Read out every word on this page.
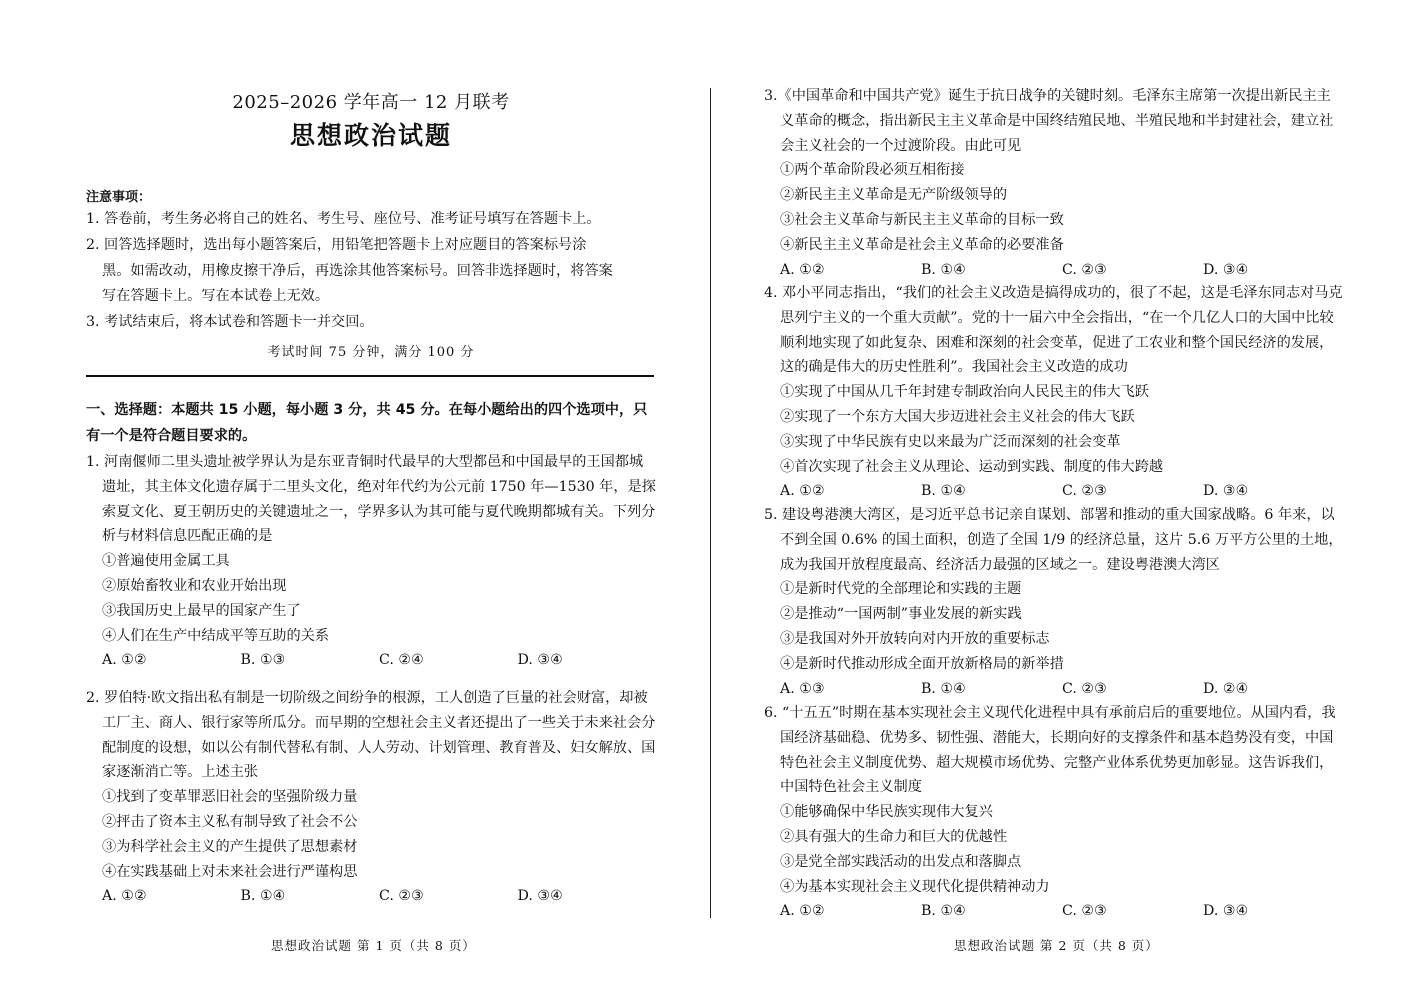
2025–2026 学年高一 12 月联考
思想政治试题
注意事项：

1. 答卷前，考生务必将自己的姓名、考生号、座位号、准考证号填写在答题卡上。

2. 回答选择题时，选出每小题答案后，用铅笔把答题卡上对应题目的答案标号涂

黑。如需改动，用橡皮擦干净后，再选涂其他答案标号。回答非选择题时，将答案

写在答题卡上。写在本试卷上无效。

3. 考试结束后，将本试卷和答题卡一并交回。

考试时间 75 分钟，满分 100 分
一、选择题：本题共 15 小题，每小题 3 分，共 45 分。在每小题给出的四个选项中，只有一个是符合题目要求的。

1. 河南偃师二里头遗址被学界认为是东亚青铜时代最早的大型都邑和中国最早的王国都城遗址，其主体文化遗存属于二里头文化，绝对年代约为公元前 1750 年—1530 年，是探索夏文化、夏王朝历史的关键遗址之一，学界多认为其可能与夏代晚期都城有关。下列分析与材料信息匹配正确的是

①普遍使用金属工具

②原始畜牧业和农业开始出现

③我国历史上最早的国家产生了

④人们在生产中结成平等互助的关系

A. ①②	B. ①③	C. ②④	D. ③④

2. 罗伯特·欧文指出私有制是一切阶级之间纷争的根源，工人创造了巨量的社会财富，却被工厂主、商人、银行家等所瓜分。而早期的空想社会主义者还提出了一些关于未来社会分配制度的设想，如以公有制代替私有制、人人劳动、计划管理、教育普及、妇女解放、国家逐渐消亡等。上述主张

①找到了变革罪恶旧社会的坚强阶级力量

②抨击了资本主义私有制导致了社会不公

③为科学社会主义的产生提供了思想素材

④在实践基础上对未来社会进行严谨构思

A. ①②	B. ①④	C. ②③	D. ③④
思想政治试题 第 1 页（共 8 页）

3.《中国革命和中国共产党》诞生于抗日战争的关键时刻。毛泽东主席第一次提出新民主主义革命的概念，指出新民主主义革命是中国终结殖民地、半殖民地和半封建社会，建立社会主义社会的一个过渡阶段。由此可见

①两个革命阶段必须互相衔接

②新民主主义革命是无产阶级领导的

③社会主义革命与新民主主义革命的目标一致

④新民主主义革命是社会主义革命的必要准备

A. ①②	B. ①④	C. ②③	D. ③④

4. 邓小平同志指出，“我们的社会主义改造是搞得成功的，很了不起，这是毛泽东同志对马克思列宁主义的一个重大贡献”。党的十一届六中全会指出，“在一个几亿人口的大国中比较顺利地实现了如此复杂、困难和深刻的社会变革，促进了工农业和整个国民经济的发展，这的确是伟大的历史性胜利”。我国社会主义改造的成功

①实现了中国从几千年封建专制政治向人民民主的伟大飞跃

②实现了一个东方大国大步迈进社会主义社会的伟大飞跃

③实现了中华民族有史以来最为广泛而深刻的社会变革

④首次实现了社会主义从理论、运动到实践、制度的伟大跨越

A. ①②	B. ①④	C. ②③	D. ③④

5. 建设粤港澳大湾区，是习近平总书记亲自谋划、部署和推动的重大国家战略。6 年来，以不到全国 0.6% 的国土面积，创造了全国 1/9 的经济总量，这片 5.6 万平方公里的土地，成为我国开放程度最高、经济活力最强的区域之一。建设粤港澳大湾区

①是新时代党的全部理论和实践的主题

②是推动“一国两制”事业发展的新实践

③是我国对外开放转向对内开放的重要标志

④是新时代推动形成全面开放新格局的新举措

A. ①③	B. ①④	C. ②③	D. ②④

6. “十五五”时期在基本实现社会主义现代化进程中具有承前启后的重要地位。从国内看，我国经济基础稳、优势多、韧性强、潜能大，长期向好的支撑条件和基本趋势没有变，中国特色社会主义制度优势、超大规模市场优势、完整产业体系优势更加彰显。这告诉我们，中国特色社会主义制度

①能够确保中华民族实现伟大复兴

②具有强大的生命力和巨大的优越性

③是党全部实践活动的出发点和落脚点

④为基本实现社会主义现代化提供精神动力

A. ①②	B. ①④	C. ②③	D. ③④
思想政治试题 第 2 页（共 8 页）
